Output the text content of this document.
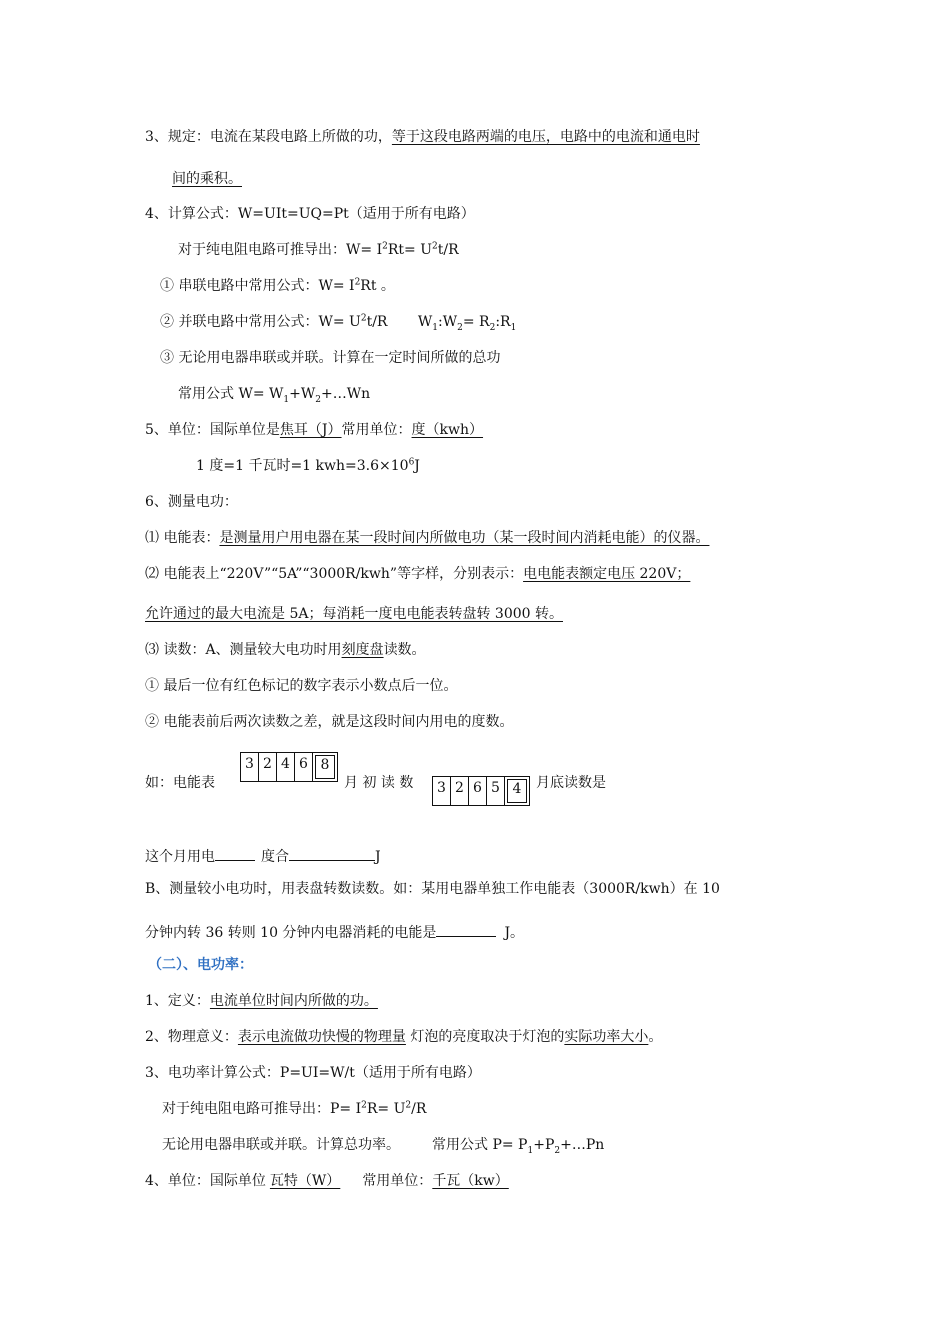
3、规定：电流在某段电路上所做的功，等于这段电路两端的电压，电路中的电流和通电时
间的乘积。
4、计算公式：W=UIt=UQ=Pt（适用于所有电路）
对于纯电阻电路可推导出：$W= I^2Rt= U^2t/R$
① 串联电路中常用公式：$W= I^2Rt$ 。
② 并联电路中常用公式：$W= U^2t/R$ $W_1:W_2=$ $R_2:R_1$
③ 无论用电器串联或并联。计算在一定时间所做的总功
常用公式 $W= W_1+W_2+\dots Wn$
5、单位：国际单位是焦耳（J）常用单位：度（kwh）
1 度=1 千瓦时=1 $kwh=3.6\times 10^6J$
6、测量电功：
⑴ 电能表：是测量用户用电器在某一段时间内所做电功（某一段时间内消耗电能）的仪器。
⑵ 电能表上“220V”“5A”“3000R/kwh”等字样，分别表示：电电能表额定电压 220V；
允许通过的最大电流是 5A；每消耗一度电电能表转盘转 3000 转。
⑶ 读数：A、测量较大电功时用刻度盘读数。
① 最后一位有红色标记的数字表示小数点后一位。
② 电能表前后两次读数之差，就是这段时间内用电的度数。
如：电能表
3 2 4 6 8
月 初 读 数	3 2 6 5 4	月底读数是
这个月用电	度合	J
B、测量较小电功时，用表盘转数读数。如：某用电器单独工作电能表（3000R/kwh）在 10
分钟内转 36 转则 10 分钟内电器消耗的电能是	J。
（二）、电功率：
1、定义：电流单位时间内所做的功。
2、物理意义：表示电流做功快慢的物理量 灯泡的亮度取决于灯泡的实际功率大小。
3、电功率计算公式：P=UI=W/t（适用于所有电路）
对于纯电阻电路可推导出：$P= I^2R= U^2/R$
无论用电器串联或并联。计算总功率。 常用公式 $P= P_1+P_2+\dots Pn$
4、单位：国际单位 瓦特（W） 常用单位：千瓦（kw）
